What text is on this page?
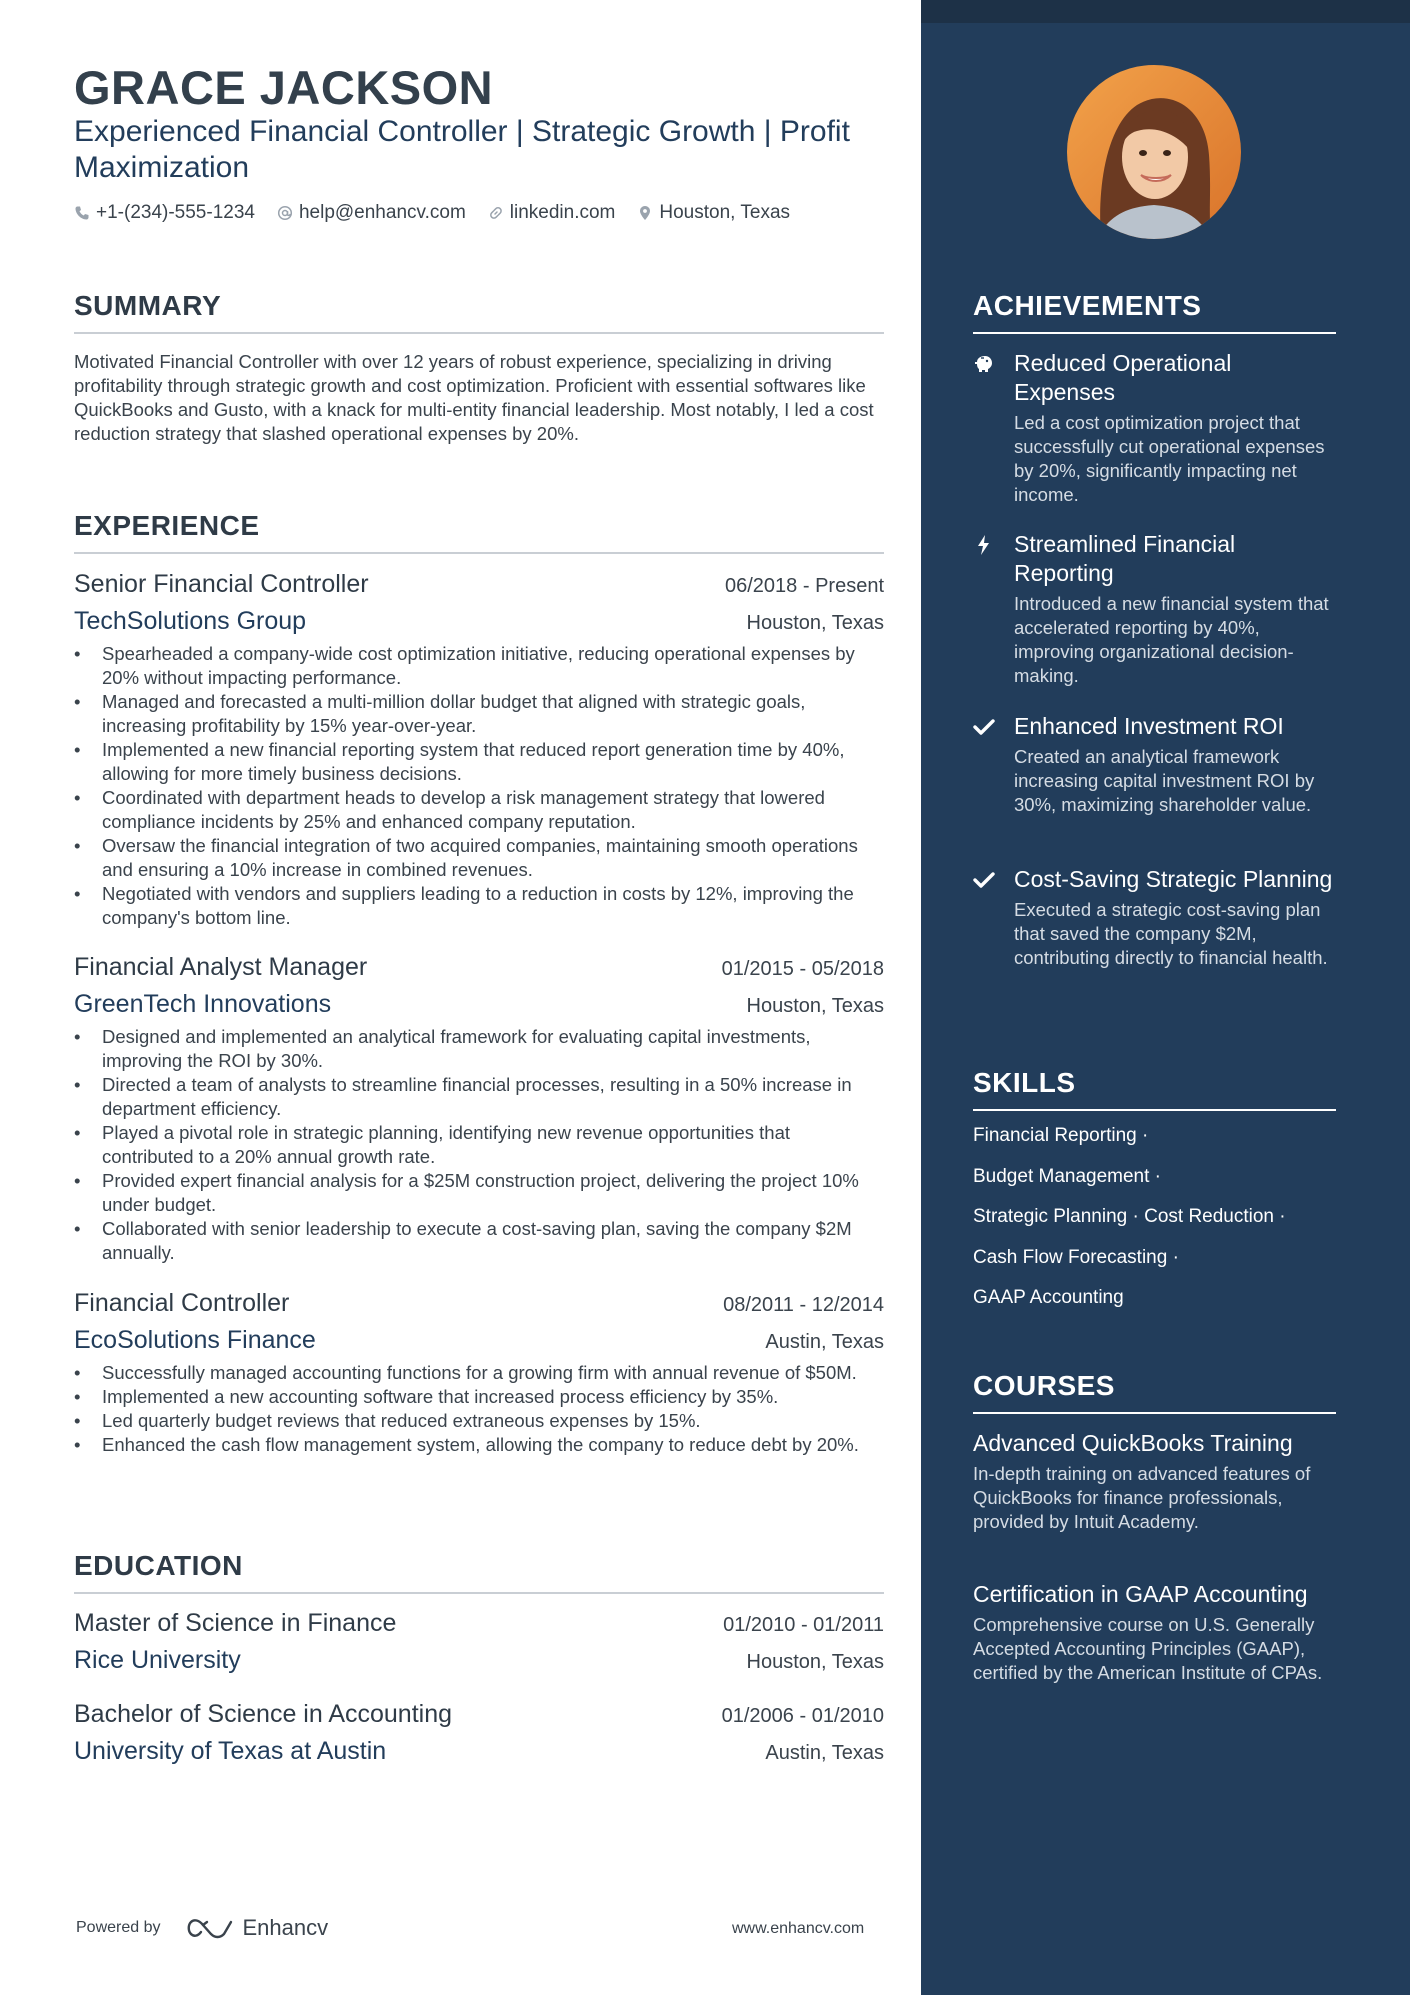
GRACE JACKSON
Experienced Financial Controller | Strategic Growth | Profit Maximization
+1-(234)-555-1234 help@enhancv.com linkedin.com Houston, Texas
SUMMARY
Motivated Financial Controller with over 12 years of robust experience, specializing in driving profitability through strategic growth and cost optimization. Proficient with essential softwares like QuickBooks and Gusto, with a knack for multi-entity financial leadership. Most notably, I led a cost reduction strategy that slashed operational expenses by 20%.
EXPERIENCE
Senior Financial Controller	06/2018 - Present
TechSolutions Group	Houston, Texas
• Spearheaded a company-wide cost optimization initiative, reducing operational expenses by 20% without impacting performance.
• Managed and forecasted a multi-million dollar budget that aligned with strategic goals, increasing profitability by 15% year-over-year.
• Implemented a new financial reporting system that reduced report generation time by 40%, allowing for more timely business decisions.
• Coordinated with department heads to develop a risk management strategy that lowered compliance incidents by 25% and enhanced company reputation.
• Oversaw the financial integration of two acquired companies, maintaining smooth operations and ensuring a 10% increase in combined revenues.
• Negotiated with vendors and suppliers leading to a reduction in costs by 12%, improving the company's bottom line.
Financial Analyst Manager	01/2015 - 05/2018
GreenTech Innovations	Houston, Texas
• Designed and implemented an analytical framework for evaluating capital investments, improving the ROI by 30%.
• Directed a team of analysts to streamline financial processes, resulting in a 50% increase in department efficiency.
• Played a pivotal role in strategic planning, identifying new revenue opportunities that contributed to a 20% annual growth rate.
• Provided expert financial analysis for a $25M construction project, delivering the project 10% under budget.
• Collaborated with senior leadership to execute a cost-saving plan, saving the company $2M annually.
Financial Controller	08/2011 - 12/2014
EcoSolutions Finance	Austin, Texas
• Successfully managed accounting functions for a growing firm with annual revenue of $50M.
• Implemented a new accounting software that increased process efficiency by 35%.
• Led quarterly budget reviews that reduced extraneous expenses by 15%.
• Enhanced the cash flow management system, allowing the company to reduce debt by 20%.
EDUCATION
Master of Science in Finance	01/2010 - 01/2011
Rice University	Houston, Texas
Bachelor of Science in Accounting	01/2006 - 01/2010
University of Texas at Austin	Austin, Texas
Powered by	Enhancv	www.enhancv.com
ACHIEVEMENTS
Reduced Operational Expenses
Led a cost optimization project that successfully cut operational expenses by 20%, significantly impacting net income.
Streamlined Financial Reporting
Introduced a new financial system that accelerated reporting by 40%, improving organizational decision-making.
Enhanced Investment ROI
Created an analytical framework increasing capital investment ROI by 30%, maximizing shareholder value.
Cost-Saving Strategic Planning
Executed a strategic cost-saving plan that saved the company $2M, contributing directly to financial health.
SKILLS
Financial Reporting ·
Budget Management ·
Strategic Planning · Cost Reduction ·
Cash Flow Forecasting ·
GAAP Accounting
COURSES
Advanced QuickBooks Training
In-depth training on advanced features of QuickBooks for finance professionals, provided by Intuit Academy.
Certification in GAAP Accounting
Comprehensive course on U.S. Generally Accepted Accounting Principles (GAAP), certified by the American Institute of CPAs.
